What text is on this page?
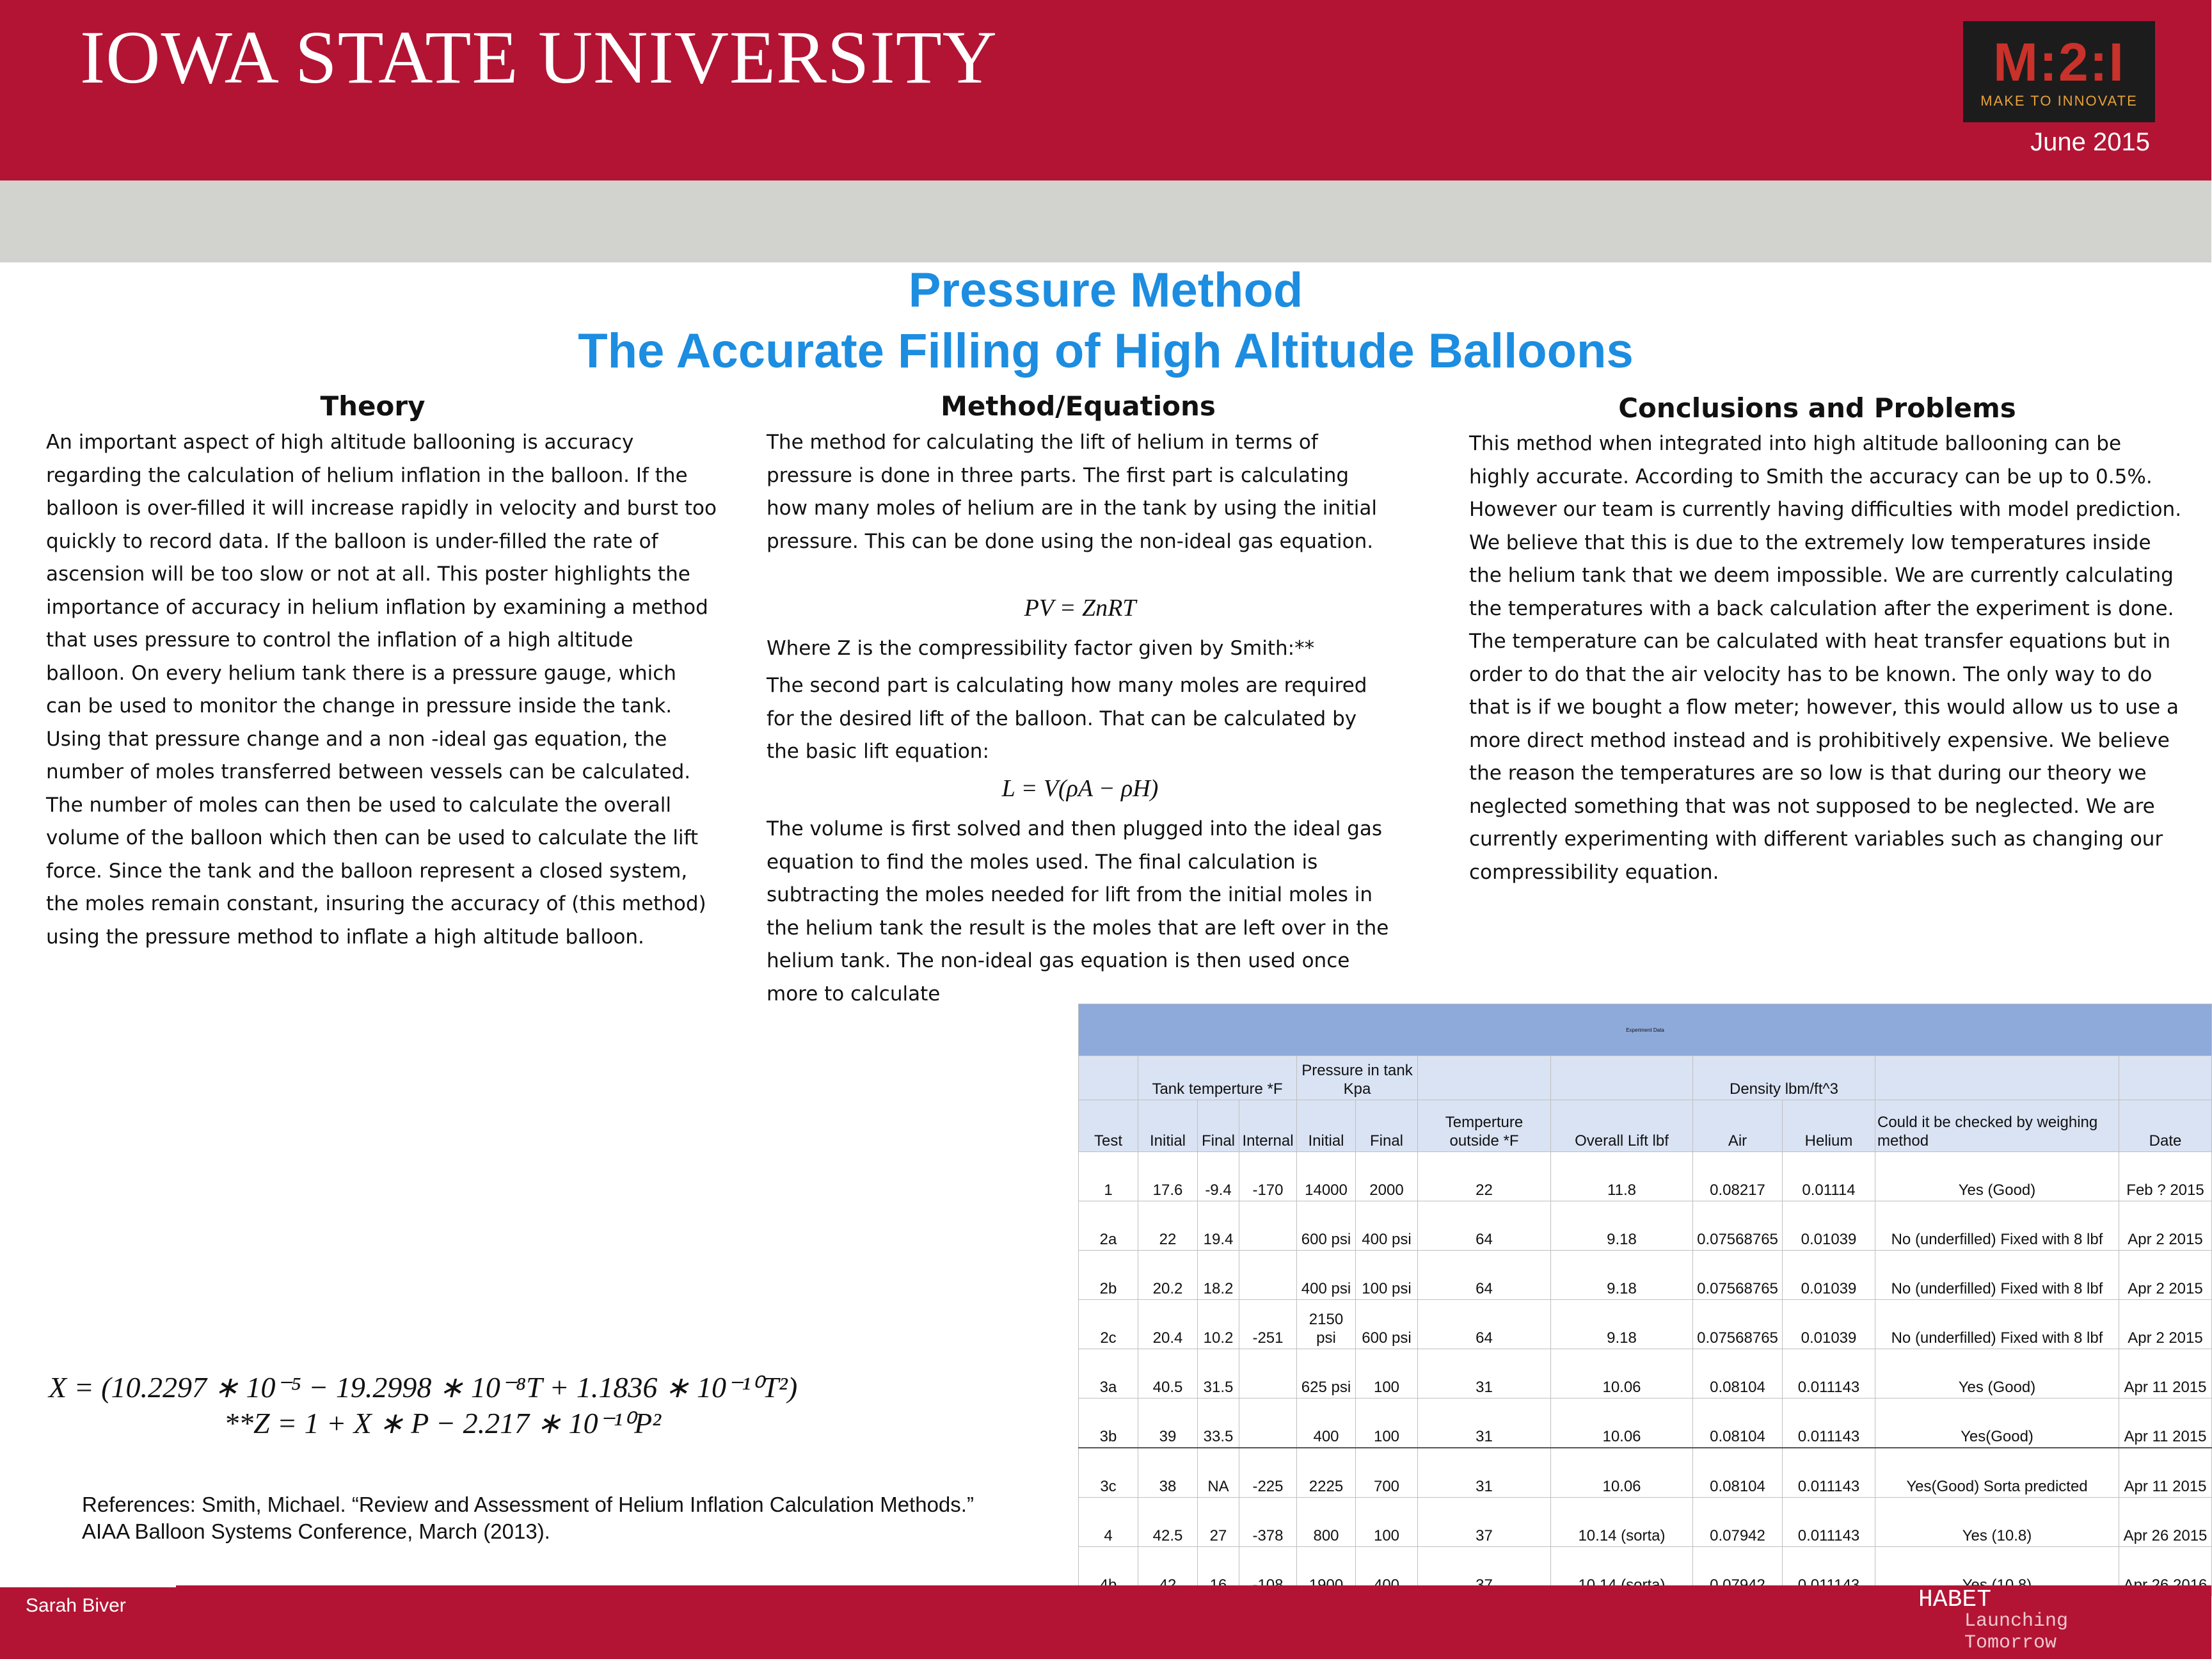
IOWA STATE UNIVERSITY	M:2:I
MAKE TO INNOVATE
June 2015
Pressure Method
The Accurate Filling of High Altitude Balloons
Theory

An important aspect of high altitude ballooning is accuracy regarding the calculation of helium inflation in the balloon. If the balloon is over-filled it will increase rapidly in velocity and burst too quickly to record data. If the balloon is under-filled the rate of ascension will be too slow or not at all. This poster highlights the importance of accuracy in helium inflation by examining a method that uses pressure to control the inflation of a high altitude balloon. On every helium tank there is a pressure gauge, which can be used to monitor the change in pressure inside the tank. Using that pressure change and a non -ideal gas equation, the number of moles transferred between vessels can be calculated. The number of moles can then be used to calculate the overall volume of the balloon which then can be used to calculate the lift force. Since the tank and the balloon represent a closed system, the moles remain constant, insuring the accuracy of (this method) using the pressure method to inflate a high altitude balloon.

Method/Equations

The method for calculating the lift of helium in terms of pressure is done in three parts. The first part is calculating how many moles of helium are in the tank by using the initial pressure. This can be done using the non-ideal gas equation.

PV = ZnRT

Where Z is the compressibility factor given by Smith:**

The second part is calculating how many moles are required for the desired lift of the balloon. That can be calculated by the basic lift equation:

L = V(ρA − ρH)

The volume is first solved and then plugged into the ideal gas equation to find the moles used. The final calculation is subtracting the moles needed for lift from the initial moles in the helium tank the result is the moles that are left over in the helium tank. The non-ideal gas equation is then used once more to calculate

Conclusions and Problems

This method when integrated into high altitude ballooning can be highly accurate. According to Smith the accuracy can be up to 0.5%. However our team is currently having difficulties with model prediction. We believe that this is due to the extremely low temperatures inside the helium tank that we deem impossible. We are currently calculating the temperatures with a back calculation after the experiment is done. The temperature can be calculated with heat transfer equations but in order to do that the air velocity has to be known. The only way to do that is if we bought a flow meter; however, this would allow us to use a more direct method instead and is prohibitively expensive. We believe the reason the temperatures are so low is that during our theory we neglected something that was not supposed to be neglected. We are currently experimenting with different variables such as changing our compressibility equation.

X = (10.2297 ∗ 10⁻⁵ − 19.2998 ∗ 10⁻⁸T + 1.1836 ∗ 10⁻¹⁰T²)
**Z = 1 + X ∗ P − 2.217 ∗ 10⁻¹⁰P²
References: Smith, Michael. “Review and Assessment of Helium Inflation Calculation Methods.”
AIAA Balloon Systems Conference, March (2013).
Experiment Data											
	Tank temperture *F			Pressure in tank Kpa				Density lbm/ft^3			
Test	Initial	Final	Internal	Initial	Final	Temperture outside *F	Overall Lift lbf	Air	Helium	Could it be checked by weighing method	Date
1	17.6	-9.4	-170	14000	2000	22	11.8	0.08217	0.01114	Yes (Good)	Feb ? 2015
2a	22	19.4		600 psi	400 psi	64	9.18	0.07568765	0.01039	No (underfilled) Fixed with 8 lbf	Apr 2 2015
2b	20.2	18.2		400 psi	100 psi	64	9.18	0.07568765	0.01039	No (underfilled) Fixed with 8 lbf	Apr 2 2015
2c	20.4	10.2	-251	2150 psi	600 psi	64	9.18	0.07568765	0.01039	No (underfilled) Fixed with 8 lbf	Apr 2 2015
3a	40.5	31.5		625 psi	100	31	10.06	0.08104	0.011143	Yes (Good)	Apr 11 2015
3b	39	33.5		400	100	31	10.06	0.08104	0.011143	Yes(Good)	Apr 11 2015
3c	38	NA	-225	2225	700	31	10.06	0.08104	0.011143	Yes(Good) Sorta predicted	Apr 11 2015
4	42.5	27	-378	800	100	37	10.14 (sorta)	0.07942	0.011143	Yes (10.8)	Apr 26 2015

Sarah Biver	HABET
Launching
Tomorrow
